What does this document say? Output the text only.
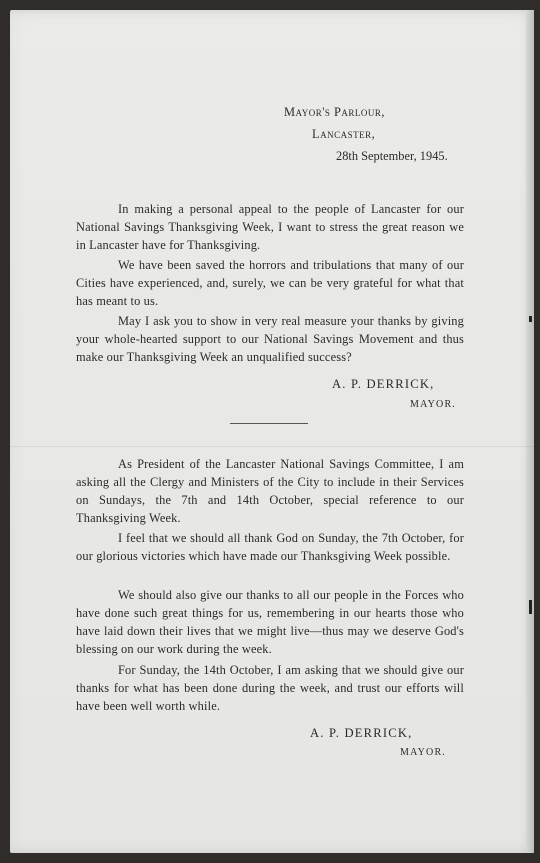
Mayor's Parlour,
Lancaster,
28th September, 1945.

In making a personal appeal to the people of Lancaster for our National Savings Thanksgiving Week, I want to stress the great reason we in Lancaster have for Thanksgiving.

We have been saved the horrors and tribulations that many of our Cities have experienced, and, surely, we can be very grateful for what that has meant to us.

May I ask you to show in very real measure your thanks by giving your whole-hearted support to our National Savings Movement and thus make our Thanksgiving Week an unqualified success?

A. P. DERRICK,
MAYOR.

As President of the Lancaster National Savings Committee, I am asking all the Clergy and Ministers of the City to include in their Services on Sundays, the 7th and 14th October, special reference to our Thanksgiving Week.

I feel that we should all thank God on Sunday, the 7th October, for our glorious victories which have made our Thanksgiving Week possible.

We should also give our thanks to all our people in the Forces who have done such great things for us, remembering in our hearts those who have laid down their lives that we might live—thus may we deserve God's blessing on our work during the week.

For Sunday, the 14th October, I am asking that we should give our thanks for what has been done during the week, and trust our efforts will have been well worth while.

A. P. DERRICK,
MAYOR.
